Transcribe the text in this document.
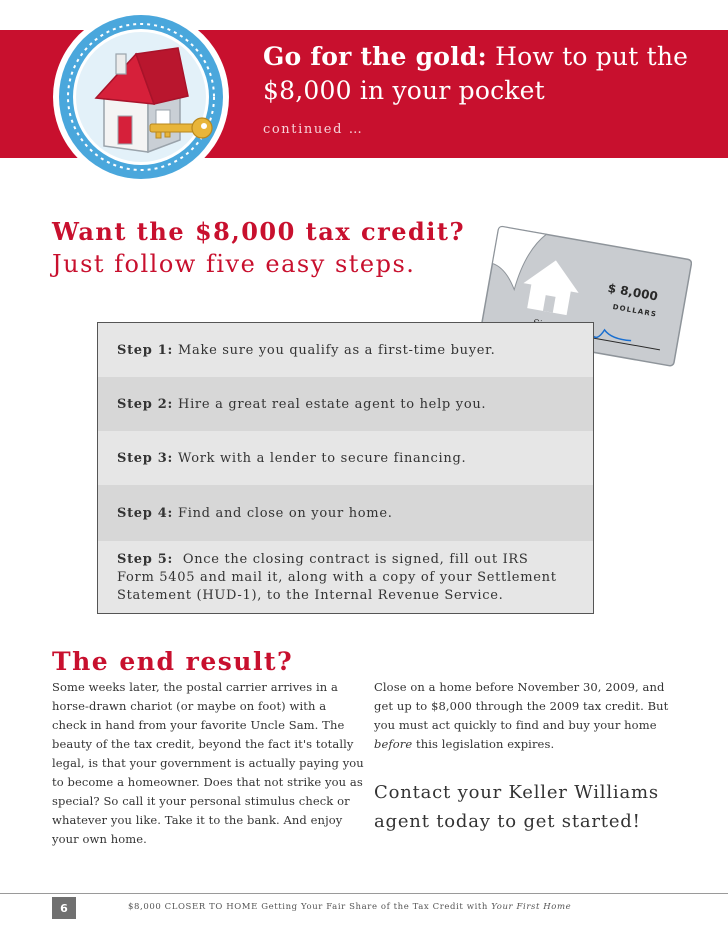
Go for the gold: How to put the $8,000 in your pocket
continued …
Want the $8,000 tax credit?
Just follow five easy steps.
$ 8,000
DOLLARS
Step 1: Make sure you qualify as a first-time buyer.
Step 2: Hire a great real estate agent to help you.
Step 3: Work with a lender to secure financing.
Step 4: Find and close on your home.
Step 5: Once the closing contract is signed, fill out IRS Form 5405 and mail it, along with a copy of your Settlement Statement (HUD-1), to the Internal Revenue Service.
The end result?
Some weeks later, the postal carrier arrives in a horse-drawn chariot (or maybe on foot) with a check in hand from your favorite Uncle Sam. The beauty of the tax credit, beyond the fact it's totally legal, is that your government is actually paying you to become a homeowner. Does that not strike you as special? So call it your personal stimulus check or whatever you like. Take it to the bank. And enjoy your own home.
Close on a home before November 30, 2009, and get up to $8,000 through the 2009 tax credit. But you must act quickly to find and buy your home before this legislation expires.
Contact your Keller Williams agent today to get started!
6	$8,000 CLOSER TO HOME Getting Your Fair Share of the Tax Credit with Your First Home
